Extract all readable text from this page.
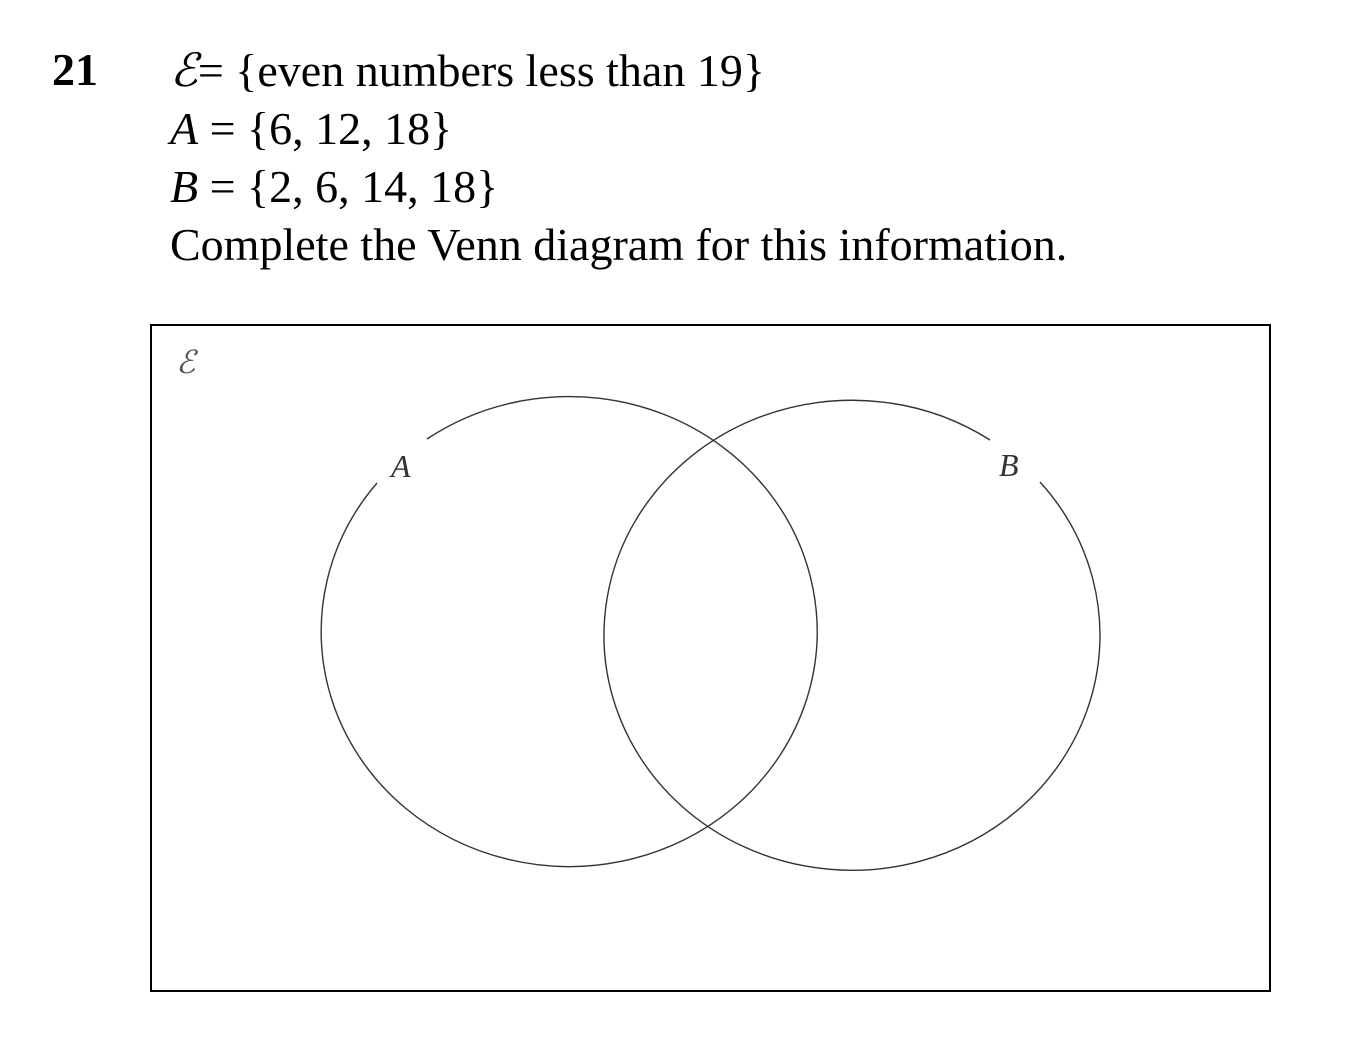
21 ℰ= {even numbers less than 19}
A = {6, 12, 18}
B = {2, 6, 14, 18}
Complete the Venn diagram for this information.
ℰ
A	B
